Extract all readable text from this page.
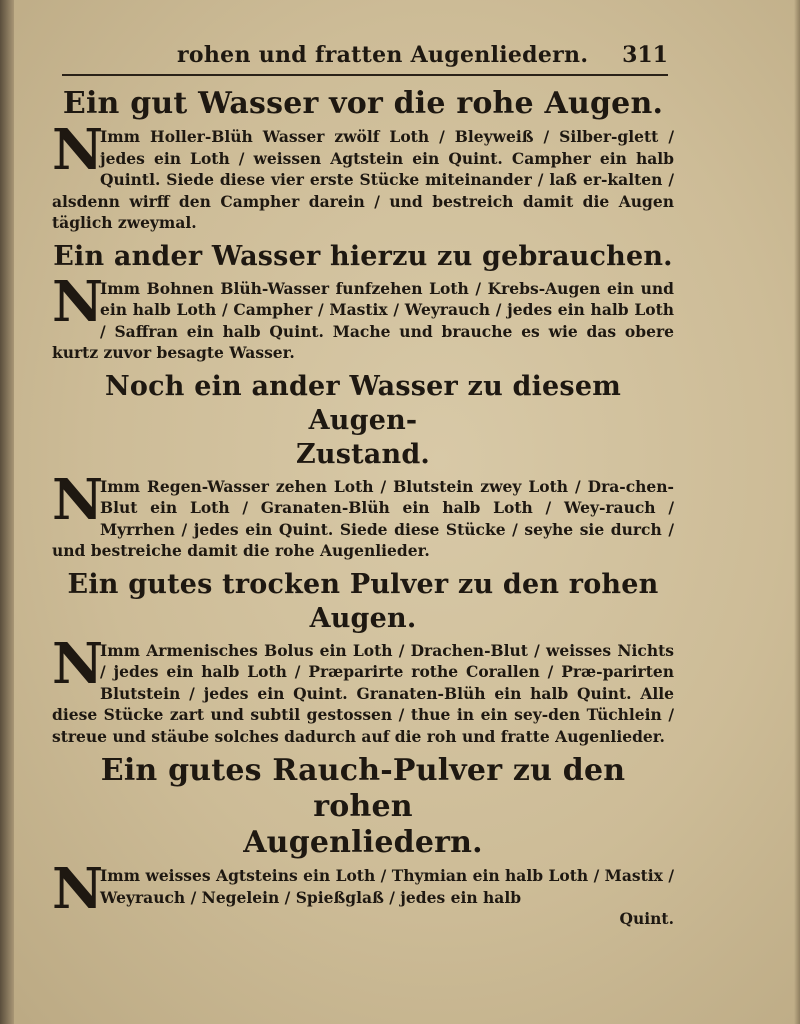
rohen und fratten Augenliedern. 311
Ein gut Wasser vor die rohe Augen.

N
Imm Holler-Blüh Wasser zwölf Loth / Bleyweiß / Silber-glett / jedes ein Loth / weissen Agtstein ein Quint. Campher ein halb Quintl. Siede diese vier erste Stücke miteinander / laß er-kalten / alsdenn wirff den Campher darein / und bestreich damit die Augen täglich zweymal.

Ein ander Wasser hierzu zu gebrauchen.

N
Imm Bohnen Blüh-Wasser funfzehen Loth / Krebs-Augen ein und ein halb Loth / Campher / Mastix / Weyrauch / jedes ein halb Loth / Saffran ein halb Quint. Mache und brauche es wie das obere kurtz zuvor besagte Wasser.

Noch ein ander Wasser zu diesem Augen-
Zustand.

N
Imm Regen-Wasser zehen Loth / Blutstein zwey Loth / Dra-chen-Blut ein Loth / Granaten-Blüh ein halb Loth / Wey-rauch / Myrrhen / jedes ein Quint. Siede diese Stücke / seyhe sie durch / und bestreiche damit die rohe Augenlieder.

Ein gutes trocken Pulver zu den rohen
Augen.

N
Imm Armenisches Bolus ein Loth / Drachen-Blut / weisses Nichts / jedes ein halb Loth / Præparirte rothe Corallen / Præ-parirten Blutstein / jedes ein Quint. Granaten-Blüh ein halb Quint. Alle diese Stücke zart und subtil gestossen / thue in ein sey-den Tüchlein / streue und stäube solches dadurch auf die roh und fratte Augenlieder.

Ein gutes Rauch-Pulver zu den rohen
Augenliedern.

N
Imm weisses Agtsteins ein Loth / Thymian ein halb Loth / Mastix / Weyrauch / Negelein / Spießglaß / jedes ein halb
Quint.
